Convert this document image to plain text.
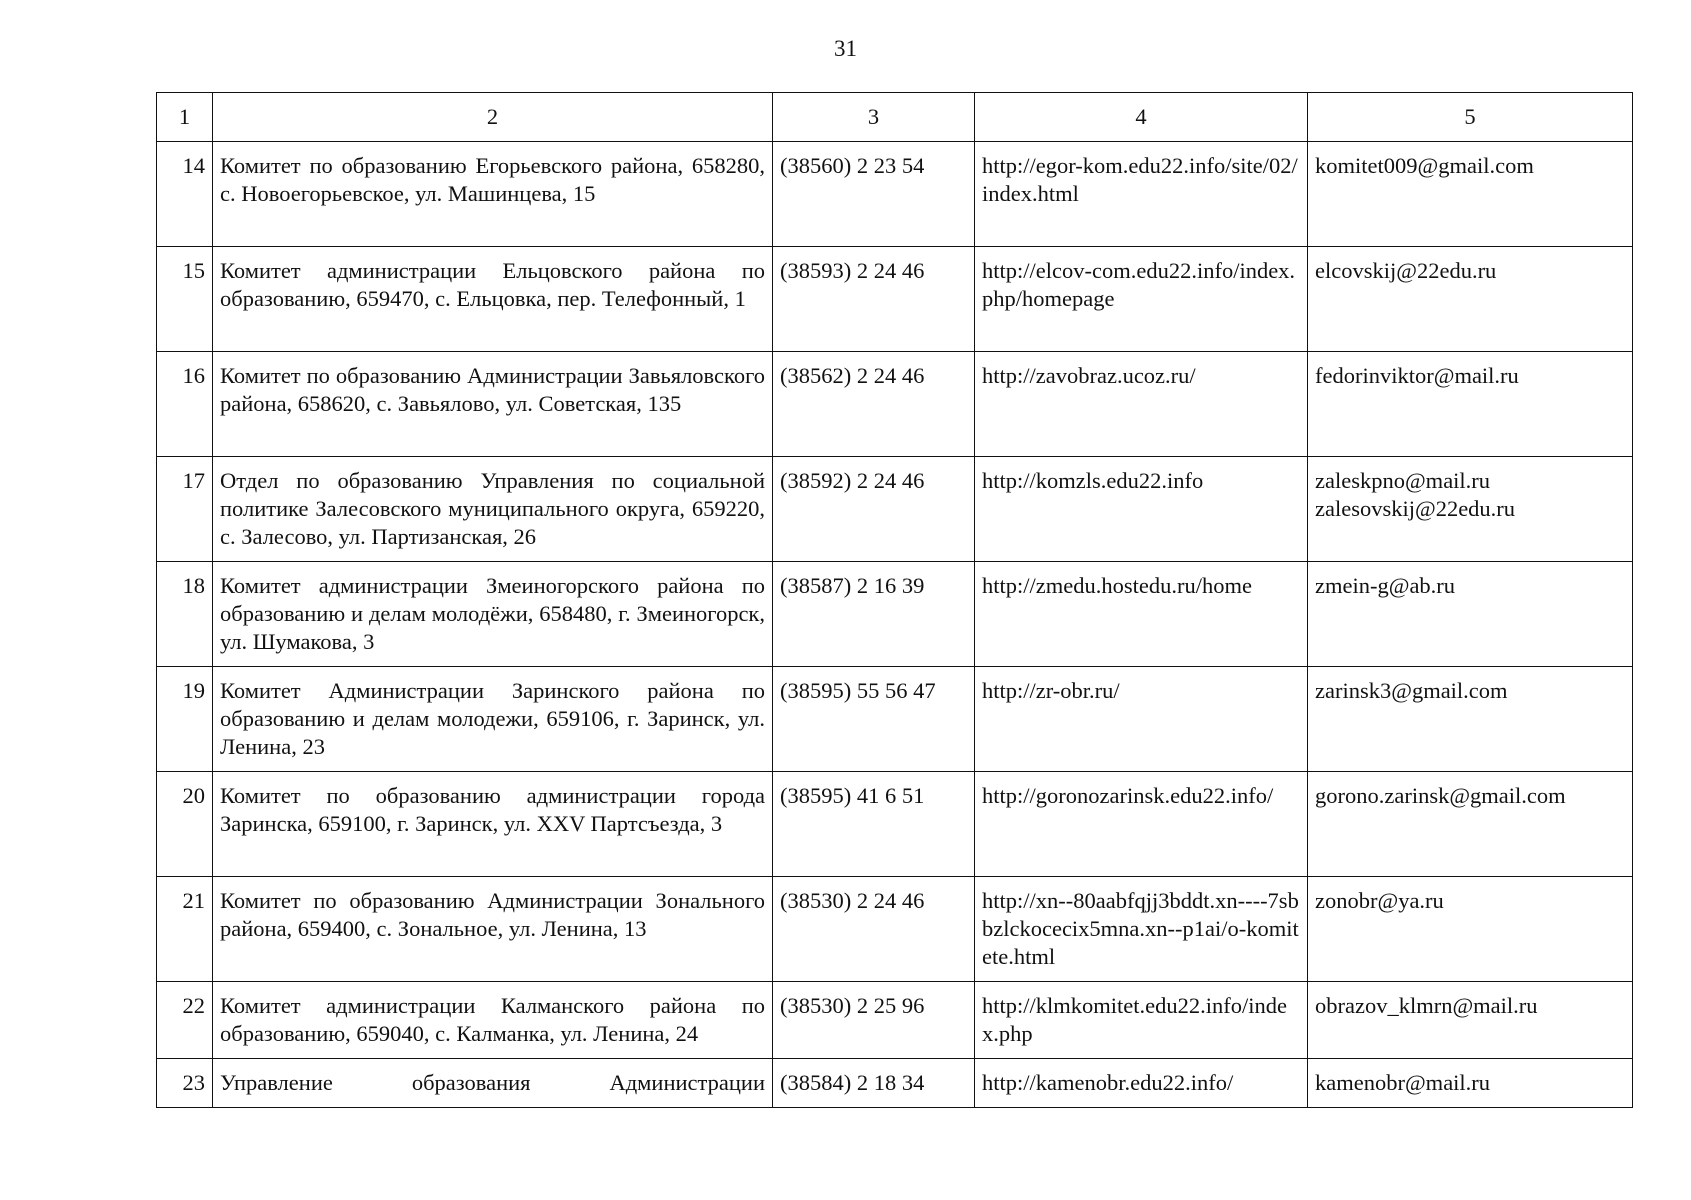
31
1	2	3	4	5
14	Комитет по образованию Егорьевского района, 658280, с. Новоегорьевское, ул. Машинцева, 15	(38560) 2 23 54	http://egor-kom.edu22.info/site/02/index.html	komitet009@gmail.com

15	Комитет администрации Ельцовского района по образованию, 659470, с. Ельцовка, пер. Телефонный, 1	(38593) 2 24 46	http://elcov-com.edu22.info/index.php/homepage	elcovskij@22edu.ru

16	Комитет по образованию Администрации Завьяловского района, 658620, с. Завьялово, ул. Советская, 135	(38562) 2 24 46	http://zavobraz.ucoz.ru/	fedorinviktor@mail.ru

17	Отдел по образованию Управления по социальной политике Залесовского муниципального округа, 659220, с. Залесово, ул. Партизанская, 26	(38592) 2 24 46	http://komzls.edu22.info	zaleskpno@mail.ru
zalesovskij@22edu.ru

18	Комитет администрации Змеиногорского района по образованию и делам молодёжи, 658480, г. Змеиногорск, ул. Шумакова, 3	(38587) 2 16 39	http://zmedu.hostedu.ru/home	zmein-g@ab.ru

19	Комитет Администрации Заринского района по образованию и делам молодежи, 659106, г. Заринск, ул. Ленина, 23	(38595) 55 56 47	http://zr-obr.ru/	zarinsk3@gmail.com

20	Комитет по образованию администрации города Заринска, 659100, г. Заринск, ул. XXV Партсъезда, 3	(38595) 41 6 51	http://goronozarinsk.edu22.info/	gorono.zarinsk@gmail.com

21	Комитет по образованию Администрации Зонального района, 659400, с. Зональное, ул. Ленина, 13	(38530) 2 24 46	http://xn--80aabfqjj3bddt.xn----7sbbzlckocecix5mna.xn--p1ai/o-komitete.html	zonobr@ya.ru

22	Комитет администрации Калманского района по образованию, 659040, с. Калманка, ул. Ленина, 24	(38530) 2 25 96	http://klmkomitet.edu22.info/index.php	obrazov_klmrn@mail.ru

23	Управление образования Администрации	(38584) 2 18 34	http://kamenobr.edu22.info/	kamenobr@mail.ru
